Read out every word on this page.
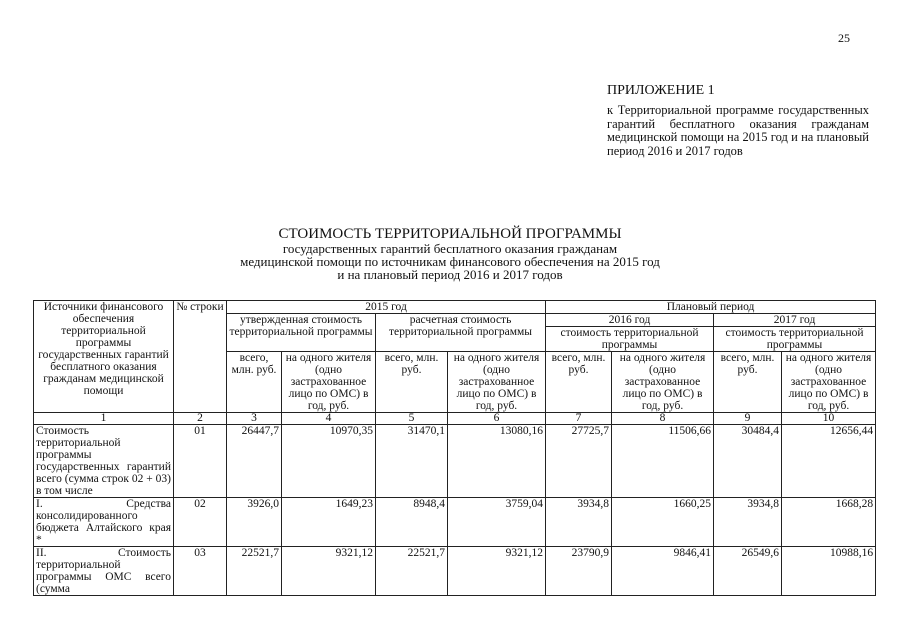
25
ПРИЛОЖЕНИЕ 1
к Территориальной программе государственных гарантий бесплатного оказания гражданам медицинской помощи на 2015 год и на плановый период 2016 и 2017 годов
СТОИМОСТЬ ТЕРРИТОРИАЛЬНОЙ ПРОГРАММЫ
государственных гарантий бесплатного оказания гражданам
медицинской помощи по источникам финансового обеспечения на 2015 год
и на плановый период 2016 и 2017 годов
Источники финансового обеспечения территориальной программы государственных гарантий бесплатного оказания гражданам медицинской помощи	№ строки	2015 год				Плановый период			
		утвержденная стоимость территориальной программы		расчетная стоимость территориальной программы		2016 год		2017 год	
						стоимость территориальной программы		стоимость территориальной программы	
		всего, млн. руб.	на одного жителя (одно застрахованное лицо по ОМС) в год, руб.	всего, млн. руб.	на одного жителя (одно застрахованное лицо по ОМС) в год, руб.	всего, млн. руб.	на одного жителя (одно застрахованное лицо по ОМС) в год, руб.	всего, млн. руб.	на одного жителя (одно застрахованное лицо по ОМС) в год, руб.
1	2	3	4	5	6	7	8	9	10
Стоимость территориальной программы государственных гарантий всего (сумма строк 02 + 03) в том числе	01	26447,7	10970,35	31470,1	13080,16	27725,7	11506,66	30484,4	12656,44
I. Средства консолидированного бюджета Алтайского края *	02	3926,0	1649,23	8948,4	3759,04	3934,8	1660,25	3934,8	1668,28
II. Стоимость территориальной программы ОМС всего (сумма	03	22521,7	9321,12	22521,7	9321,12	23790,9	9846,41	26549,6	10988,16
